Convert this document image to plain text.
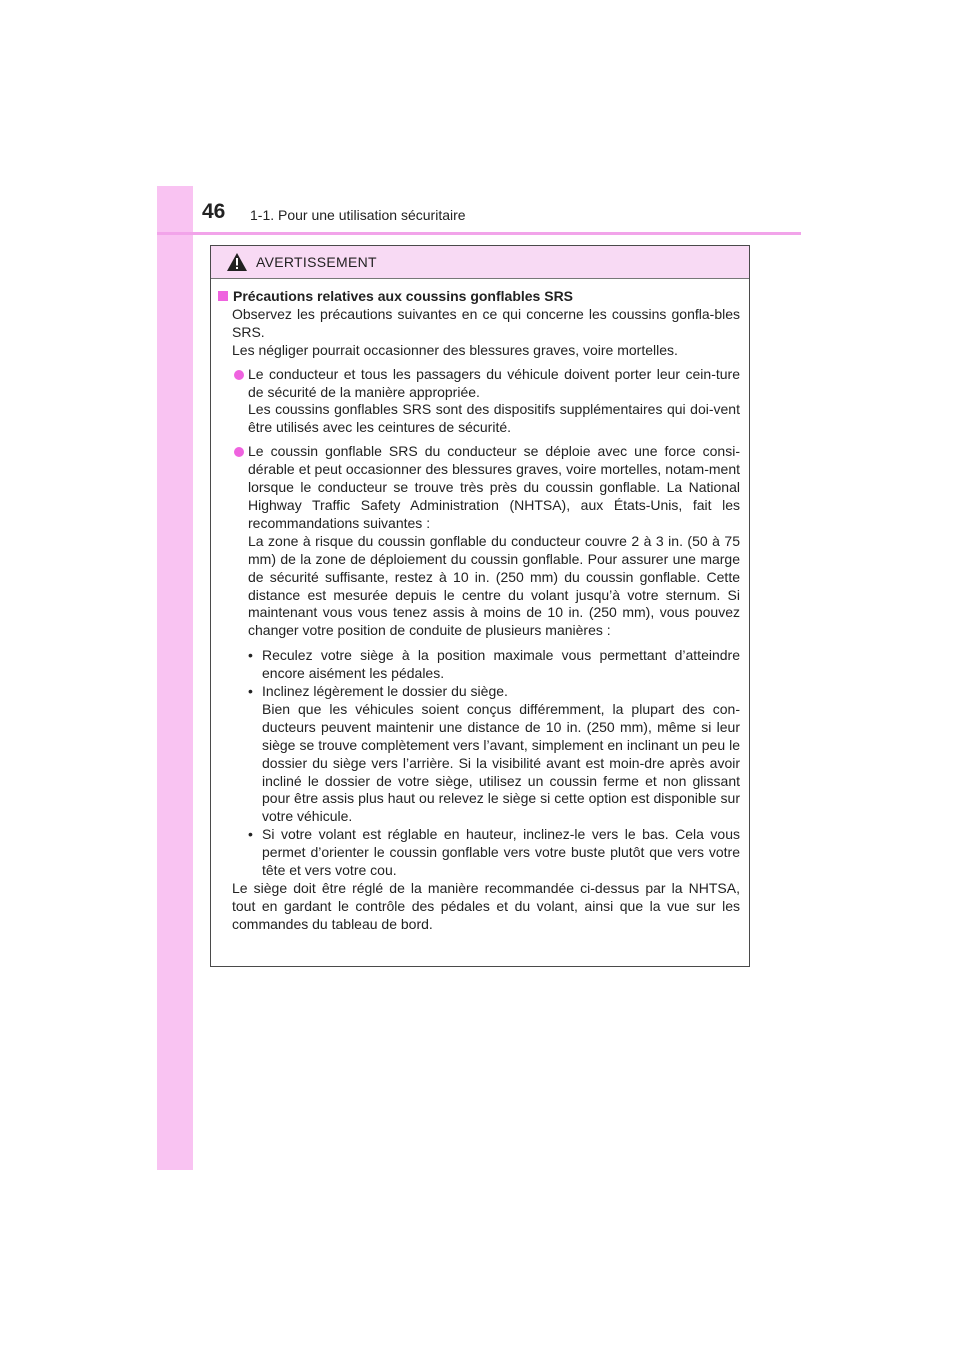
46 1-1. Pour une utilisation sécuritaire
AVERTISSEMENT

Précautions relatives aux coussins gonflables SRS

Observez les précautions suivantes en ce qui concerne les coussins gonfla-bles SRS.

Les négliger pourrait occasionner des blessures graves, voire mortelles.

Le conducteur et tous les passagers du véhicule doivent porter leur cein-ture de sécurité de la manière appropriée.

Les coussins gonflables SRS sont des dispositifs supplémentaires qui doi-vent être utilisés avec les ceintures de sécurité.

Le coussin gonflable SRS du conducteur se déploie avec une force consi-dérable et peut occasionner des blessures graves, voire mortelles, notam-ment lorsque le conducteur se trouve très près du coussin gonflable. La National Highway Traffic Safety Administration (NHTSA), aux États-Unis, fait les recommandations suivantes :

La zone à risque du coussin gonflable du conducteur couvre 2 à 3 in. (50 à 75 mm) de la zone de déploiement du coussin gonflable. Pour assurer une marge de sécurité suffisante, restez à 10 in. (250 mm) du coussin gonflable. Cette distance est mesurée depuis le centre du volant jusqu’à votre sternum. Si maintenant vous vous tenez assis à moins de 10 in. (250 mm), vous pouvez changer votre position de conduite de plusieurs manières :

• Reculez votre siège à la position maximale vous permettant d’atteindre encore aisément les pédales.
• Inclinez légèrement le dossier du siège.
Bien que les véhicules soient conçus différemment, la plupart des con-ducteurs peuvent maintenir une distance de 10 in. (250 mm), même si leur siège se trouve complètement vers l’avant, simplement en inclinant un peu le dossier du siège vers l’arrière. Si la visibilité avant est moin-dre après avoir incliné le dossier de votre siège, utilisez un coussin ferme et non glissant pour être assis plus haut ou relevez le siège si cette option est disponible sur votre véhicule.
• Si votre volant est réglable en hauteur, inclinez-le vers le bas. Cela vous permet d’orienter le coussin gonflable vers votre buste plutôt que vers votre tête et vers votre cou.

Le siège doit être réglé de la manière recommandée ci-dessus par la NHTSA, tout en gardant le contrôle des pédales et du volant, ainsi que la vue sur les commandes du tableau de bord.
